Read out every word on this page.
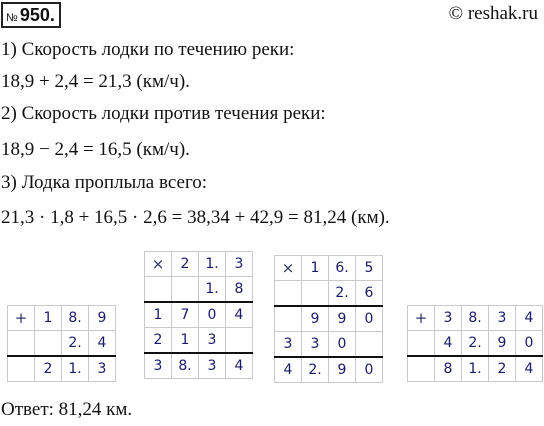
№ 950.	© reshak.ru
1) Скорость лодки по течению реки:
18,9 + 2,4 = 21,3 (км/ч).
2) Скорость лодки против течения реки:
18,9 − 2,4 = 16,5 (км/ч).
3) Лодка проплыла всего:
21,3 · 1,8 + 16,5 · 2,6 = 38,34 + 42,9 = 81,24 (км).
+	1	8.	9
		2.	4
	2	1.	3
×	2	1.	3
		1.	8
1	7	0	4
2	1	3	
3	8.	3	4
×	1	6.	5
		2.	6
	9	9	0
3	3	0	
4	2.	9	0
+	3	8.	3	4
	4	2.	9	0
	8	1.	2	4
Ответ: 81,24 км.
